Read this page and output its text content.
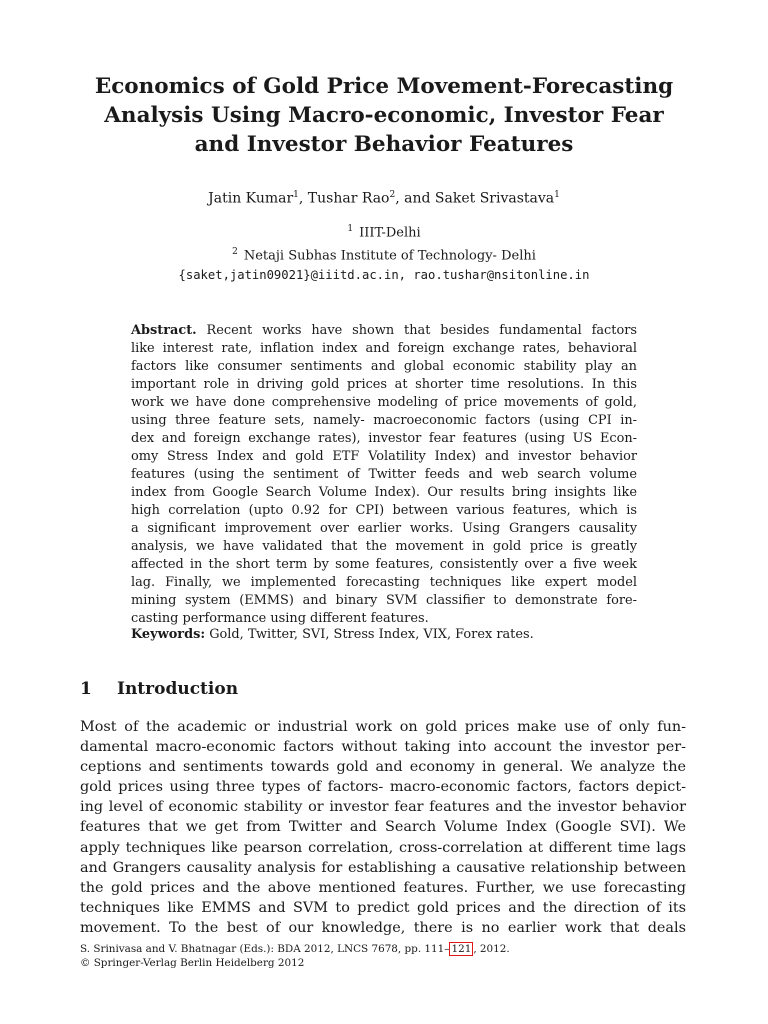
Economics of Gold Price Movement-Forecasting
Analysis Using Macro-economic, Investor Fear
and Investor Behavior Features
Jatin Kumar$^1$, Tushar Rao$^2$, and Saket Srivastava$^1$
$^1$ IIIT-Delhi
$^2$ Netaji Subhas Institute of Technology- Delhi
{saket,jatin09021}@iiitd.ac.in, rao.tushar@nsitonline.in
Abstract. Recent works have shown that besides fundamental factors
like interest rate, inflation index and foreign exchange rates, behavioral
factors like consumer sentiments and global economic stability play an
important role in driving gold prices at shorter time resolutions. In this
work we have done comprehensive modeling of price movements of gold,
using three feature sets, namely- macroeconomic factors (using CPI in-
dex and foreign exchange rates), investor fear features (using US Econ-
omy Stress Index and gold ETF Volatility Index) and investor behavior
features (using the sentiment of Twitter feeds and web search volume
index from Google Search Volume Index). Our results bring insights like
high correlation (upto 0.92 for CPI) between various features, which is
a significant improvement over earlier works. Using Grangers causality
analysis, we have validated that the movement in gold price is greatly
affected in the short term by some features, consistently over a five week
lag. Finally, we implemented forecasting techniques like expert model
mining system (EMMS) and binary SVM classifier to demonstrate fore-
casting performance using different features.
Keywords: Gold, Twitter, SVI, Stress Index, VIX, Forex rates.
1 Introduction
Most of the academic or industrial work on gold prices make use of only fun-
damental macro-economic factors without taking into account the investor per-
ceptions and sentiments towards gold and economy in general. We analyze the
gold prices using three types of factors- macro-economic factors, factors depict-
ing level of economic stability or investor fear features and the investor behavior
features that we get from Twitter and Search Volume Index (Google SVI). We
apply techniques like pearson correlation, cross-correlation at different time lags
and Grangers causality analysis for establishing a causative relationship between
the gold prices and the above mentioned features. Further, we use forecasting
techniques like EMMS and SVM to predict gold prices and the direction of its
movement. To the best of our knowledge, there is no earlier work that deals
S. Srinivasa and V. Bhatnagar (Eds.): BDA 2012, LNCS 7678, pp. 111– 121 , 2012.
© Springer-Verlag Berlin Heidelberg 2012
